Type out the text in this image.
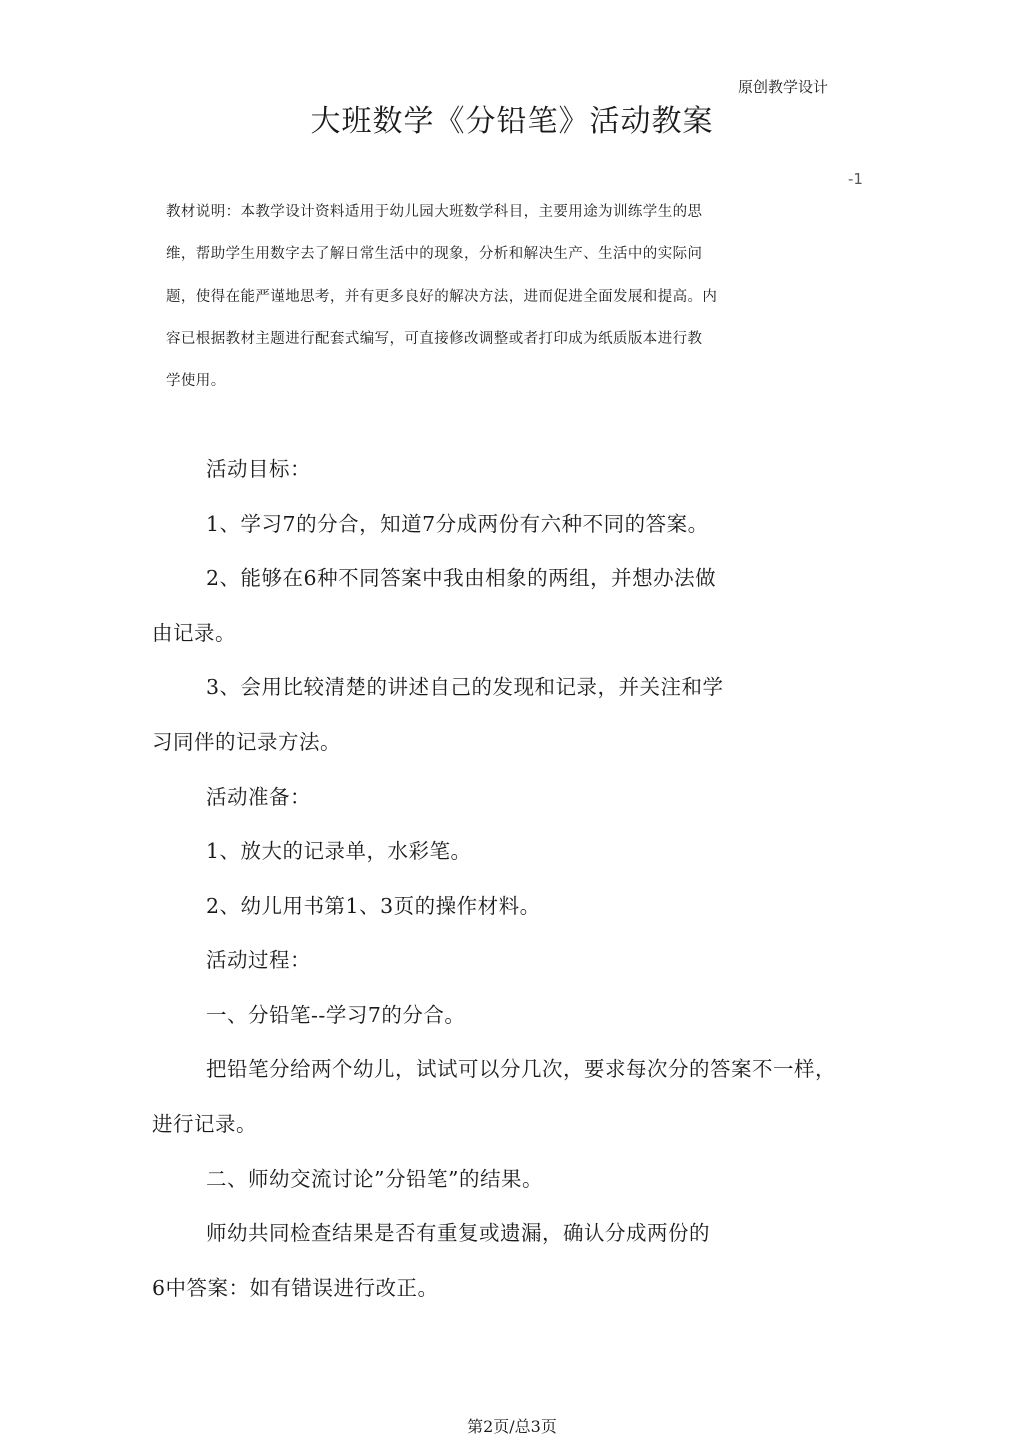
原创教学设计
大班数学《分铅笔》活动教案
-1
教材说明：本教学设计资料适用于幼儿园大班数学科目，主要用途为训练学生的思
维，帮助学生用数字去了解日常生活中的现象，分析和解决生产、生活中的实际问
题，使得在能严谨地思考，并有更多良好的解决方法，进而促进全面发展和提高。内
容已根据教材主题进行配套式编写，可直接修改调整或者打印成为纸质版本进行教
学使用。
活动目标：
1、学习7的分合，知道7分成两份有六种不同的答案。
2、能够在6种不同答案中我由相象的两组，并想办法做
由记录。
3、会用比较清楚的讲述自己的发现和记录，并关注和学
习同伴的记录方法。
活动准备：
1、放大的记录单，水彩笔。
2、幼儿用书第1、3页的操作材料。
活动过程：
一、分铅笔--学习7的分合。
把铅笔分给两个幼儿，试试可以分几次，要求每次分的答案不一样，
进行记录。
二、师幼交流讨论”分铅笔”的结果。
师幼共同检查结果是否有重复或遗漏，确认分成两份的
6中答案：如有错误进行改正。
第2页/总3页
